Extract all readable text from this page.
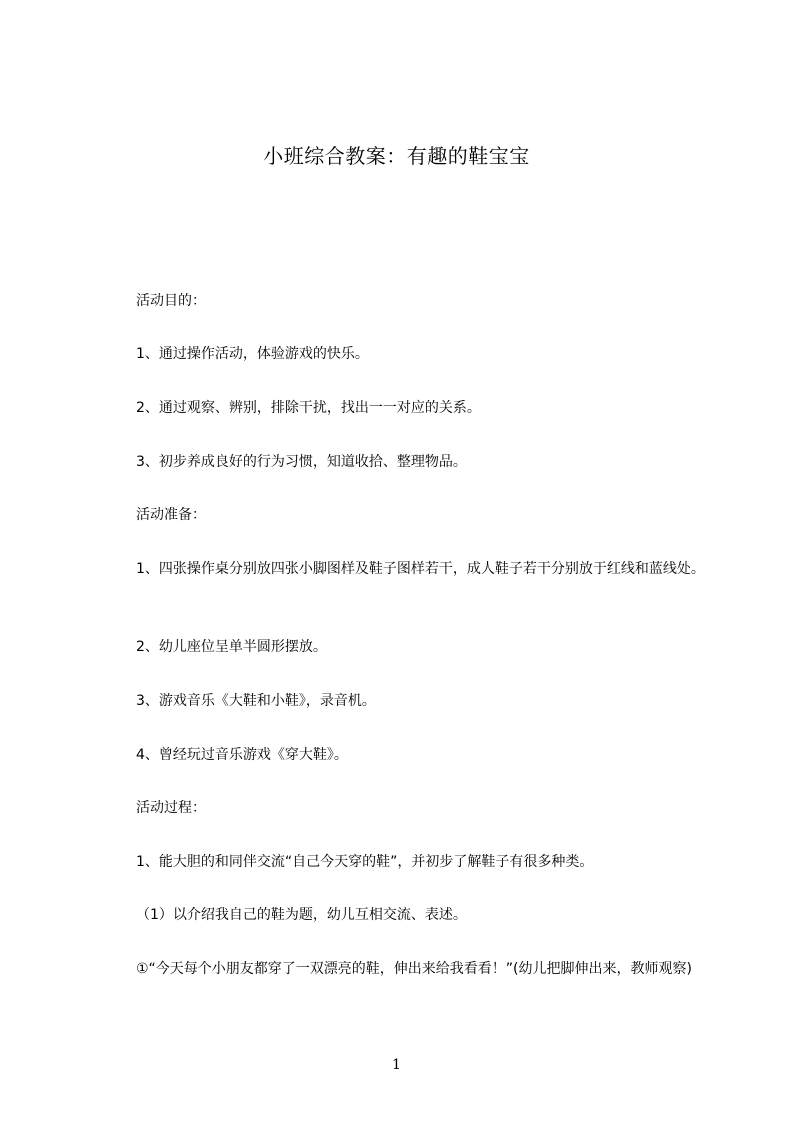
小班综合教案：有趣的鞋宝宝
活动目的：
1、通过操作活动，体验游戏的快乐。
2、通过观察、辨别，排除干扰，找出一一对应的关系。
3、初步养成良好的行为习惯，知道收拾、整理物品。
活动准备：
1、四张操作桌分别放四张小脚图样及鞋子图样若干，成人鞋子若干分别放于红线和蓝线处。
2、幼儿座位呈单半圆形摆放。
3、游戏音乐《大鞋和小鞋》，录音机。
4、曾经玩过音乐游戏《穿大鞋》。
活动过程：
1、能大胆的和同伴交流“自己今天穿的鞋”，并初步了解鞋子有很多种类。
（1）以介绍我自己的鞋为题，幼儿互相交流、表述。
①“今天每个小朋友都穿了一双漂亮的鞋，伸出来给我看看！”(幼儿把脚伸出来，教师观察)
1
